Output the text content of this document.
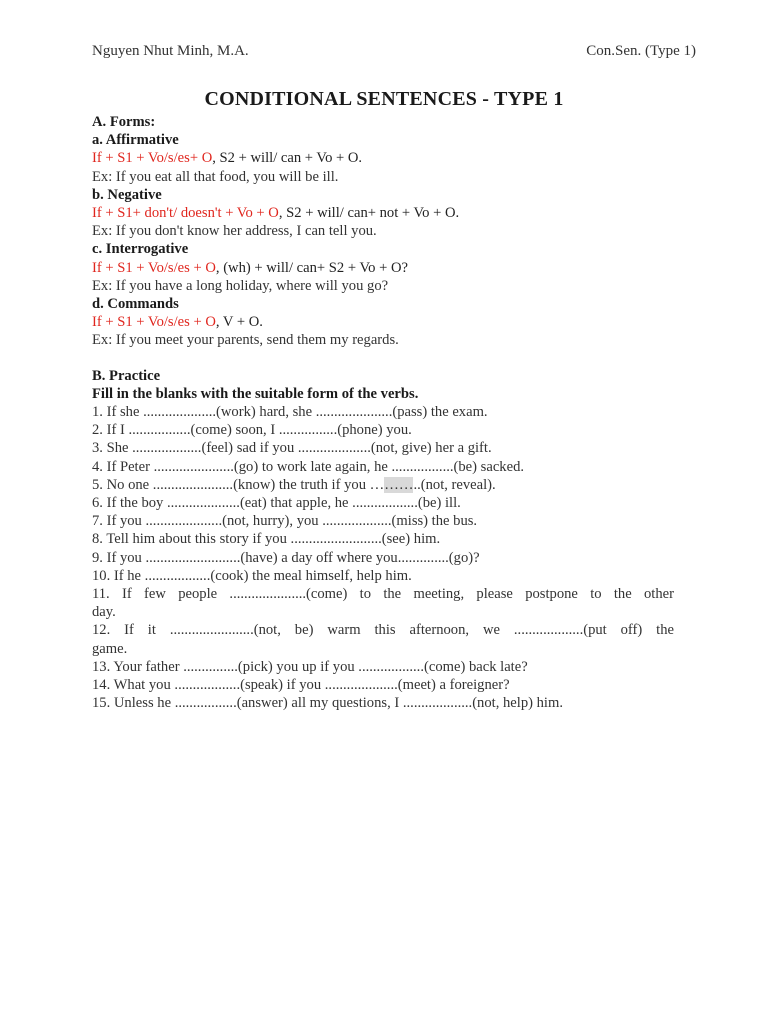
Nguyen Nhut Minh, M.A.	Con.Sen. (Type 1)
CONDITIONAL SENTENCES - TYPE 1
A. Forms:
a. Affirmative
If + S1 + Vo/s/es+ O, S2 + will/ can + Vo + O.
Ex: If you eat all that food, you will be ill.
b. Negative
If + S1+ don't/ doesn't + Vo + O, S2 + will/ can+ not + Vo + O.
Ex: If you don't know her address, I can tell you.
c. Interrogative
If + S1 + Vo/s/es + O, (wh) + will/ can+ S2 + Vo + O?
Ex: If you have a long holiday, where will you go?
d. Commands
If + S1 + Vo/s/es + O, V + O.
Ex: If you meet your parents, send them my regards.
B. Practice
Fill in the blanks with the suitable form of the verbs.
1. If she ....................(work) hard, she .....................(pass) the exam.
2. If I .................(come) soon, I ................(phone) you.
3. She ...................(feel) sad if you ....................(not, give) her a gift.
4. If Peter ......................(go) to work late again, he .................(be) sacked.
5. No one ......................(know) the truth if you ………..(not, reveal).
6. If the boy ....................(eat) that apple, he ..................(be) ill.
7. If you .....................(not, hurry), you ...................(miss) the bus.
8. Tell him about this story if you .........................(see) him.
9. If you ..........................(have) a day off where you..............(go)?
10. If he ..................(cook) the meal himself, help him.
11. If few people .....................(come) to the meeting, please postpone to the other
day.
12. If it .......................(not, be) warm this afternoon, we ...................(put off) the
game.
13. Your father ...............(pick) you up if you ..................(come) back late?
14. What you ..................(speak) if you ....................(meet) a foreigner?
15. Unless he .................(answer) all my questions, I ...................(not, help) him.
